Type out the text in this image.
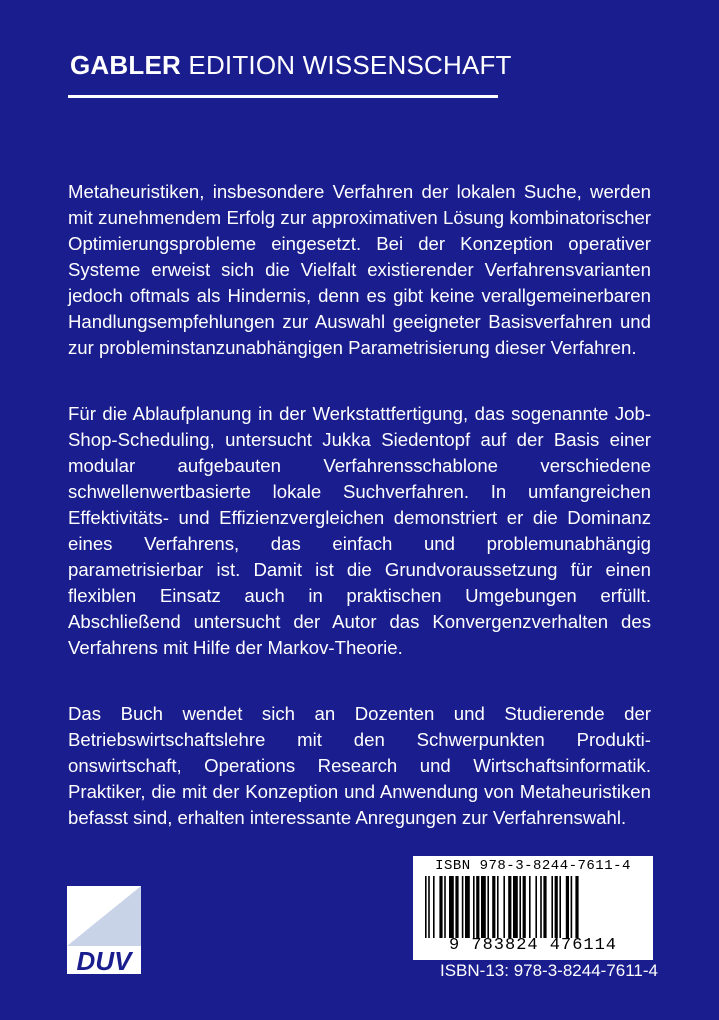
GABLER EDITION WISSENSCHAFT

Metaheuristiken, insbesondere Verfahren der lokalen Suche, werden mit zunehmendem Erfolg zur approximativen Lösung kombinatorischer Optimierungsprobleme eingesetzt. Bei der Konzeption operativer Systeme erweist sich die Vielfalt existierender Verfahrensvarianten jedoch oftmals als Hindernis, denn es gibt keine verallgemeinerbaren Handlungsempfehlungen zur Auswahl geeigneter Basisverfahren und zur probleminstanzunabhängigen Parametrisierung dieser Verfahren.

Für die Ablaufplanung in der Werkstattfertigung, das sogenannte Job-Shop-Scheduling, untersucht Jukka Siedentopf auf der Basis einer modular aufgebauten Verfahrensschablone verschiedene schwellenwertbasierte lokale Suchverfahren. In umfangreichen Effektivitäts- und Effizienzvergleichen demonstriert er die Dominanz eines Verfahrens, das einfach und problemunabhängig parametrisierbar ist. Damit ist die Grundvoraussetzung für einen flexiblen Einsatz auch in praktischen Umgebungen erfüllt. Abschließend untersucht der Autor das Konvergenzverhalten des Verfahrens mit Hilfe der Markov-Theorie.

Das Buch wendet sich an Dozenten und Studierende der Betriebswirtschaftslehre mit den Schwerpunkten Produktionswirtschaft, Operations Research und Wirtschaftsinformatik. Praktiker, die mit der Konzeption und Anwendung von Metaheuristiken befasst sind, erhalten interessante Anregungen zur Verfahrenswahl.

ISBN 978-3-8244-7611-4
9 783824 476114
ISBN-13: 978-3-8244-7611-4
DUV
